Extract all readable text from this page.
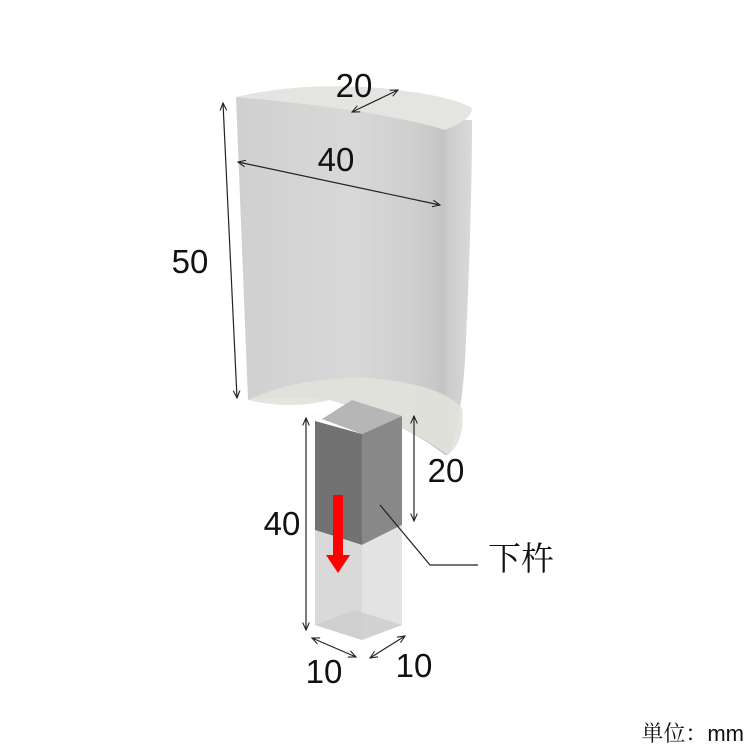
20
40
50
20
40
10 10
下杵
単位：mm
